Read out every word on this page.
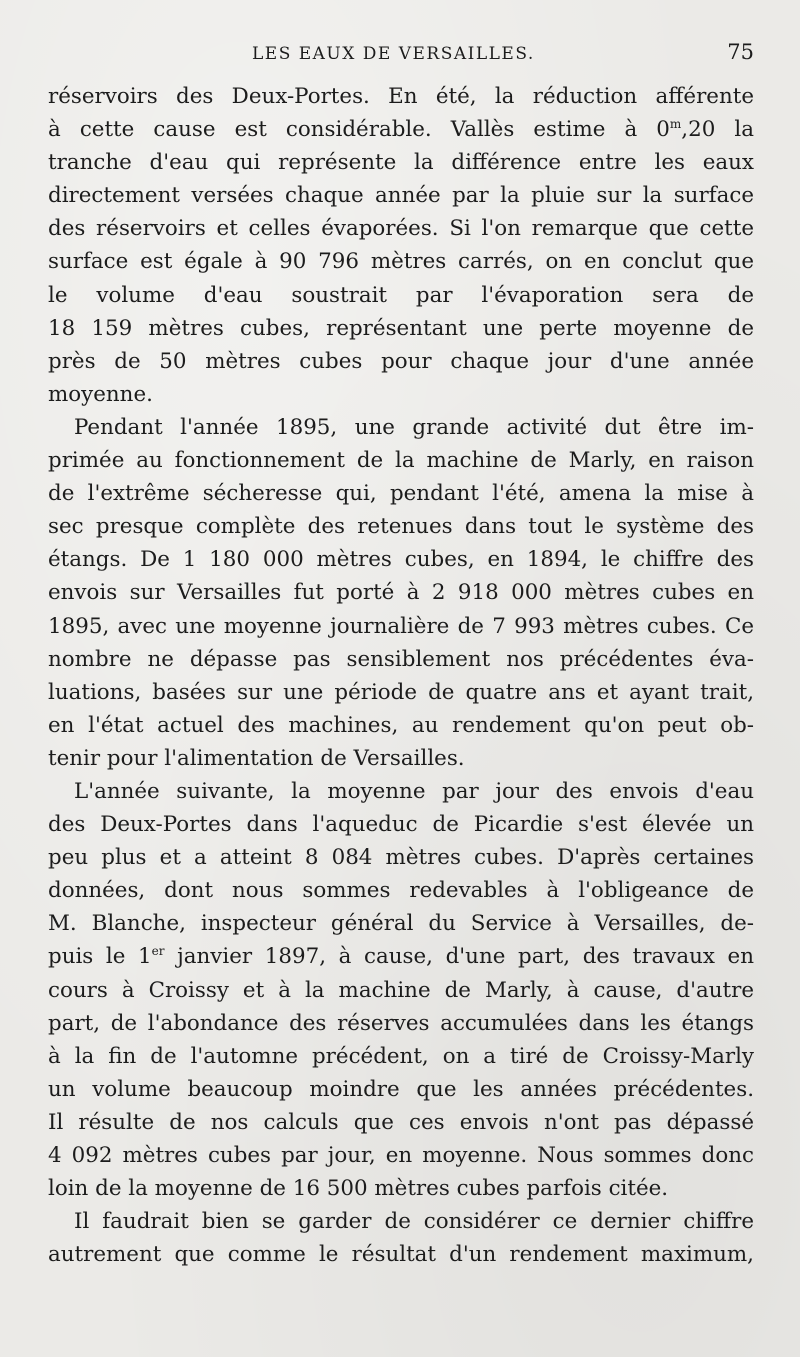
LES EAUX DE VERSAILLES.	75
réservoirs des Deux-Portes. En été, la réduction afférente
à cette cause est considérable. Vallès estime à 0$^m$,20 la
tranche d'eau qui représente la différence entre les eaux
directement versées chaque année par la pluie sur la surface
des réservoirs et celles évaporées. Si l'on remarque que cette
surface est égale à 90 796 mètres carrés, on en conclut que
le volume d'eau soustrait par l'évaporation sera de
18 159 mètres cubes, représentant une perte moyenne de
près de 50 mètres cubes pour chaque jour d'une année
moyenne.
Pendant l'année 1895, une grande activité dut être im-
primée au fonctionnement de la machine de Marly, en raison
de l'extrême sécheresse qui, pendant l'été, amena la mise à
sec presque complète des retenues dans tout le système des
étangs. De 1 180 000 mètres cubes, en 1894, le chiffre des
envois sur Versailles fut porté à 2 918 000 mètres cubes en
1895, avec une moyenne journalière de 7 993 mètres cubes. Ce
nombre ne dépasse pas sensiblement nos précédentes éva-
luations, basées sur une période de quatre ans et ayant trait,
en l'état actuel des machines, au rendement qu'on peut ob-
tenir pour l'alimentation de Versailles.
L'année suivante, la moyenne par jour des envois d'eau
des Deux-Portes dans l'aqueduc de Picardie s'est élevée un
peu plus et a atteint 8 084 mètres cubes. D'après certaines
données, dont nous sommes redevables à l'obligeance de
M. Blanche, inspecteur général du Service à Versailles, de-
puis le 1er janvier 1897, à cause, d'une part, des travaux en
cours à Croissy et à la machine de Marly, à cause, d'autre
part, de l'abondance des réserves accumulées dans les étangs
à la fin de l'automne précédent, on a tiré de Croissy-Marly
un volume beaucoup moindre que les années précédentes.
Il résulte de nos calculs que ces envois n'ont pas dépassé
4 092 mètres cubes par jour, en moyenne. Nous sommes donc
loin de la moyenne de 16 500 mètres cubes parfois citée.
Il faudrait bien se garder de considérer ce dernier chiffre
autrement que comme le résultat d'un rendement maximum,
